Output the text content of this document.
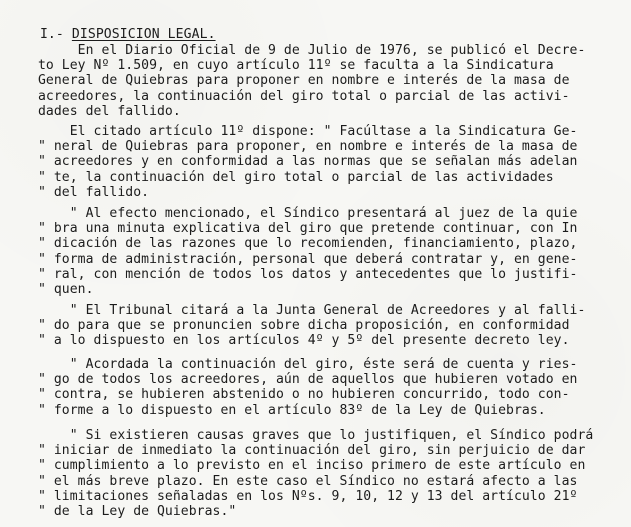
I.- DISPOSICION LEGAL.

En el Diario Oficial de 9 de Julio de 1976, se publicó el Decre-
to Ley Nº 1.509, en cuyo artículo 11º se faculta a la Sindicatura
General de Quiebras para proponer en nombre e interés de la masa de
acreedores, la continuación del giro total o parcial de las activi-
dades del fallido.
El citado artículo 11º dispone: " Facúltase a la Sindicatura Ge-
" neral de Quiebras para proponer, en nombre e interés de la masa de
" acreedores y en conformidad a las normas que se señalan más adelan
" te, la continuación del giro total o parcial de las actividades
" del fallido.
" Al efecto mencionado, el Síndico presentará al juez de la quie
" bra una minuta explicativa del giro que pretende continuar, con In
" dicación de las razones que lo recomienden, financiamiento, plazo,
" forma de administración, personal que deberá contratar y, en gene-
" ral, con mención de todos los datos y antecedentes que lo justifi-
" quen.
" El Tribunal citará a la Junta General de Acreedores y al falli-
" do para que se pronuncien sobre dicha proposición, en conformidad
" a lo dispuesto en los artículos 4º y 5º del presente decreto ley.
" Acordada la continuación del giro, éste será de cuenta y ries-
" go de todos los acreedores, aún de aquellos que hubieren votado en
" contra, se hubieren abstenido o no hubieren concurrido, todo con-
" forme a lo dispuesto en el artículo 83º de la Ley de Quiebras.
" Si existieren causas graves que lo justifiquen, el Síndico podrá
" iniciar de inmediato la continuación del giro, sin perjuicio de dar
" cumplimiento a lo previsto en el inciso primero de este artículo en
" el más breve plazo. En este caso el Síndico no estará afecto a las
" limitaciones señaladas en los Nºs. 9, 10, 12 y 13 del artículo 21º
" de la Ley de Quiebras."
